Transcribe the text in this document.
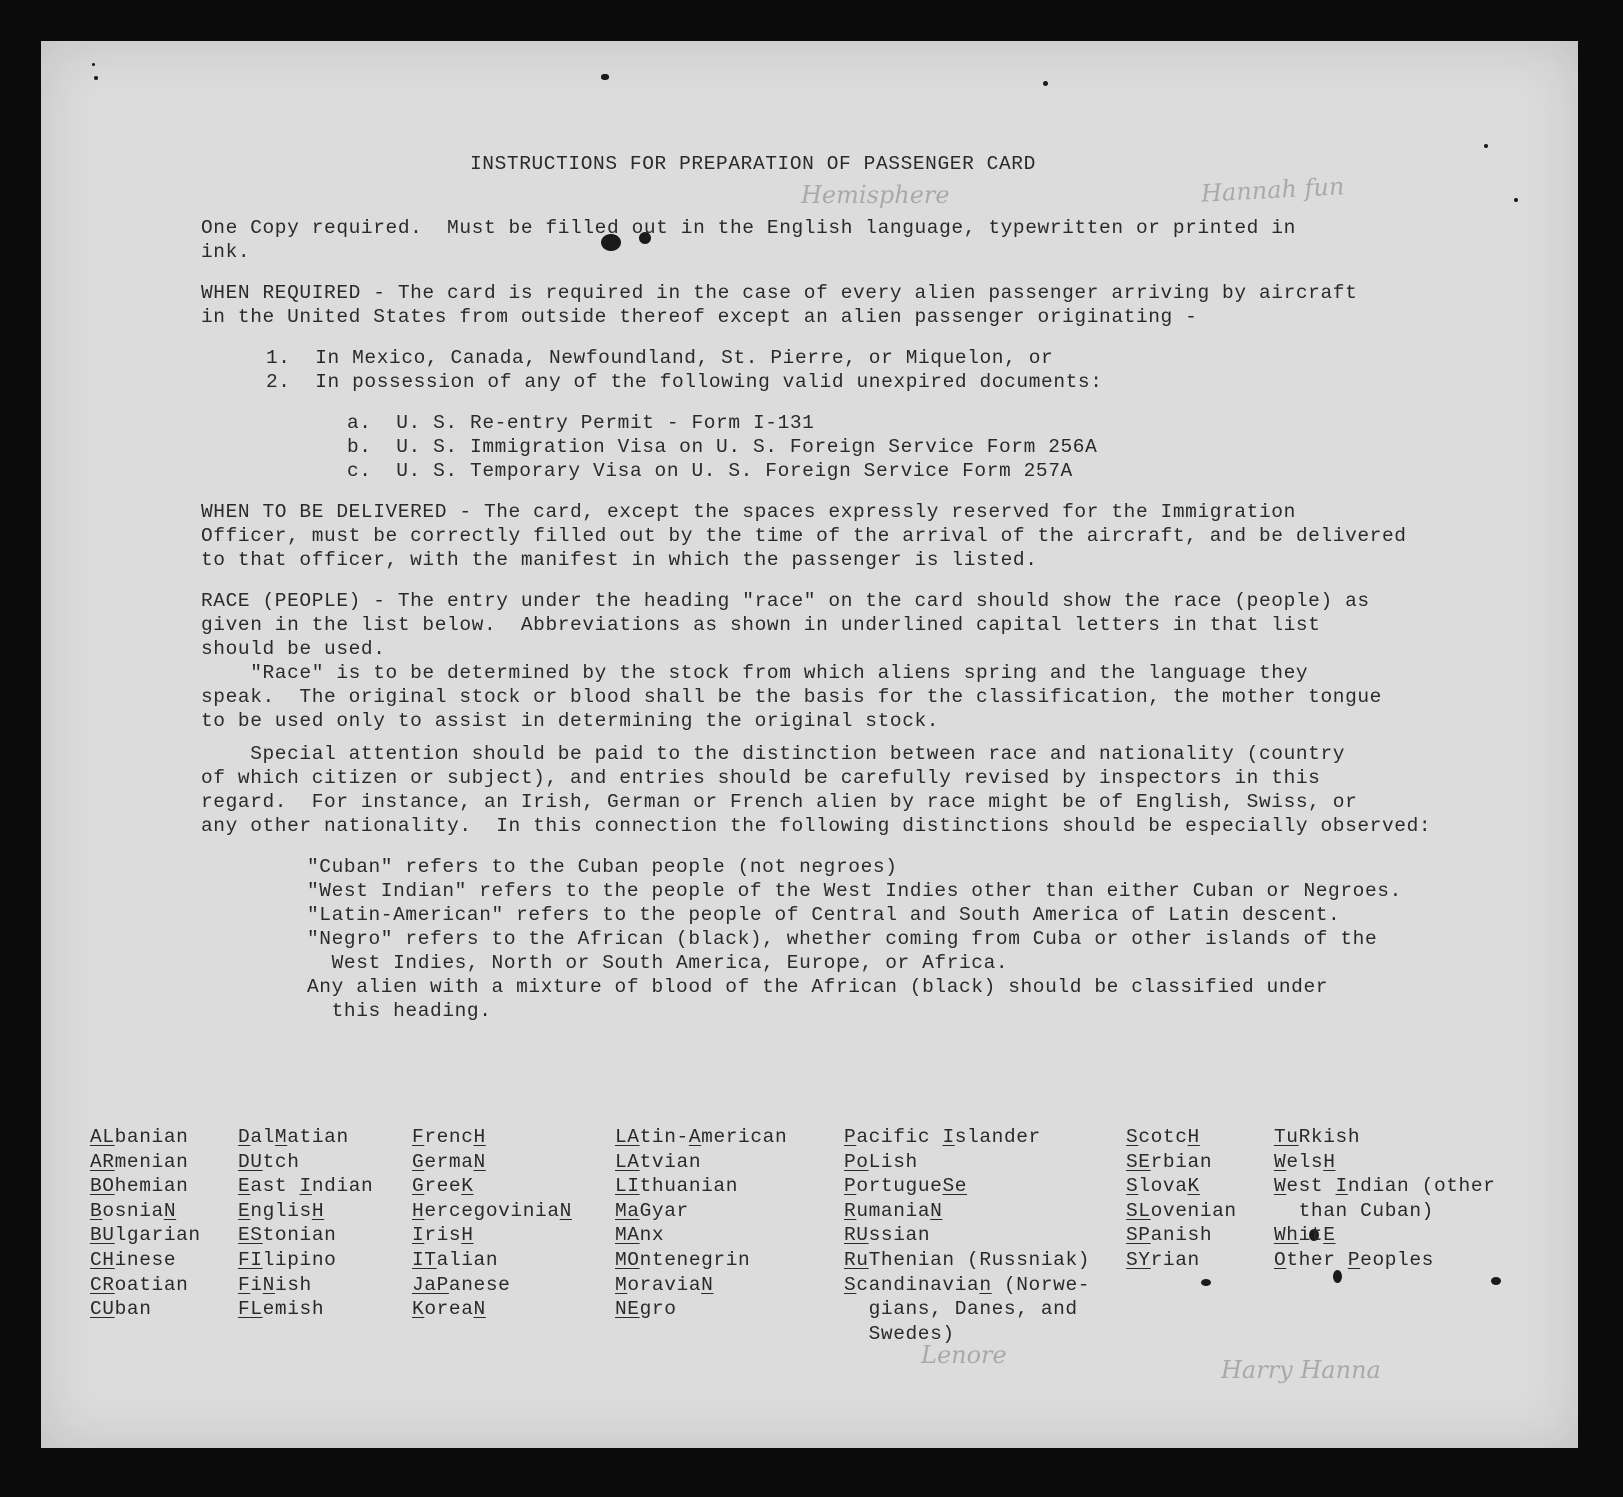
Hemisphere	Hannah fun
Lenore
Harry Hanna
INSTRUCTIONS FOR PREPARATION OF PASSENGER CARD
One Copy required.  Must be filled out in the English language, typewritten or printed in
ink.
WHEN REQUIRED - The card is required in the case of every alien passenger arriving by aircraft
in the United States from outside thereof except an alien passenger originating -
1.  In Mexico, Canada, Newfoundland, St. Pierre, or Miquelon, or
2.  In possession of any of the following valid unexpired documents:
a.  U. S. Re-entry Permit - Form I-131
b.  U. S. Immigration Visa on U. S. Foreign Service Form 256A
c.  U. S. Temporary Visa on U. S. Foreign Service Form 257A
WHEN TO BE DELIVERED - The card, except the spaces expressly reserved for the Immigration
Officer, must be correctly filled out by the time of the arrival of the aircraft, and be delivered
to that officer, with the manifest in which the passenger is listed.
RACE (PEOPLE) - The entry under the heading "race" on the card should show the race (people) as
given in the list below.  Abbreviations as shown in underlined capital letters in that list
should be used.
"Race" is to be determined by the stock from which aliens spring and the language they
speak.  The original stock or blood shall be the basis for the classification, the mother tongue
to be used only to assist in determining the original stock.
Special attention should be paid to the distinction between race and nationality (country
of which citizen or subject), and entries should be carefully revised by inspectors in this
regard.  For instance, an Irish, German or French alien by race might be of English, Swiss, or
any other nationality.  In this connection the following distinctions should be especially observed:
"Cuban" refers to the Cuban people (not negroes)
"West Indian" refers to the people of the West Indies other than either Cuban or Negroes.
"Latin-American" refers to the people of Central and South America of Latin descent.
"Negro" refers to the African (black), whether coming from Cuba or other islands of the
West Indies, North or South America, Europe, or Africa.
Any alien with a mixture of blood of the African (black) should be classified under
this heading.
ALbanian
ARmenian
BOhemian
BosniaN
BUlgarian
CHinese
CRoatian
CUban
DalMatian
DUtch
East Indian
EnglisH
EStonian
FIlipino
FiNish
FLemish
FrencH
GermaN
GreeK
HercegoviniaN
IrisH
ITalian
JaPanese
KoreaN
LAtin-American
LAtvian
LIthuanian
MaGyar
MAnx
MOntenegrin
MoraviaN
NEgro
Pacific Islander
PoLish
PortugueSe
RumaniaN
RUssian
RuThenian (Russniak)
Scandinavian (Norwe-
gians, Danes, and
Swedes)
ScotcH
SErbian
SlovaK
SLovenian
SPanish
SYrian
TuRkish
WelsH
West Indian (other
than Cuban)
WhitE
Other Peoples
